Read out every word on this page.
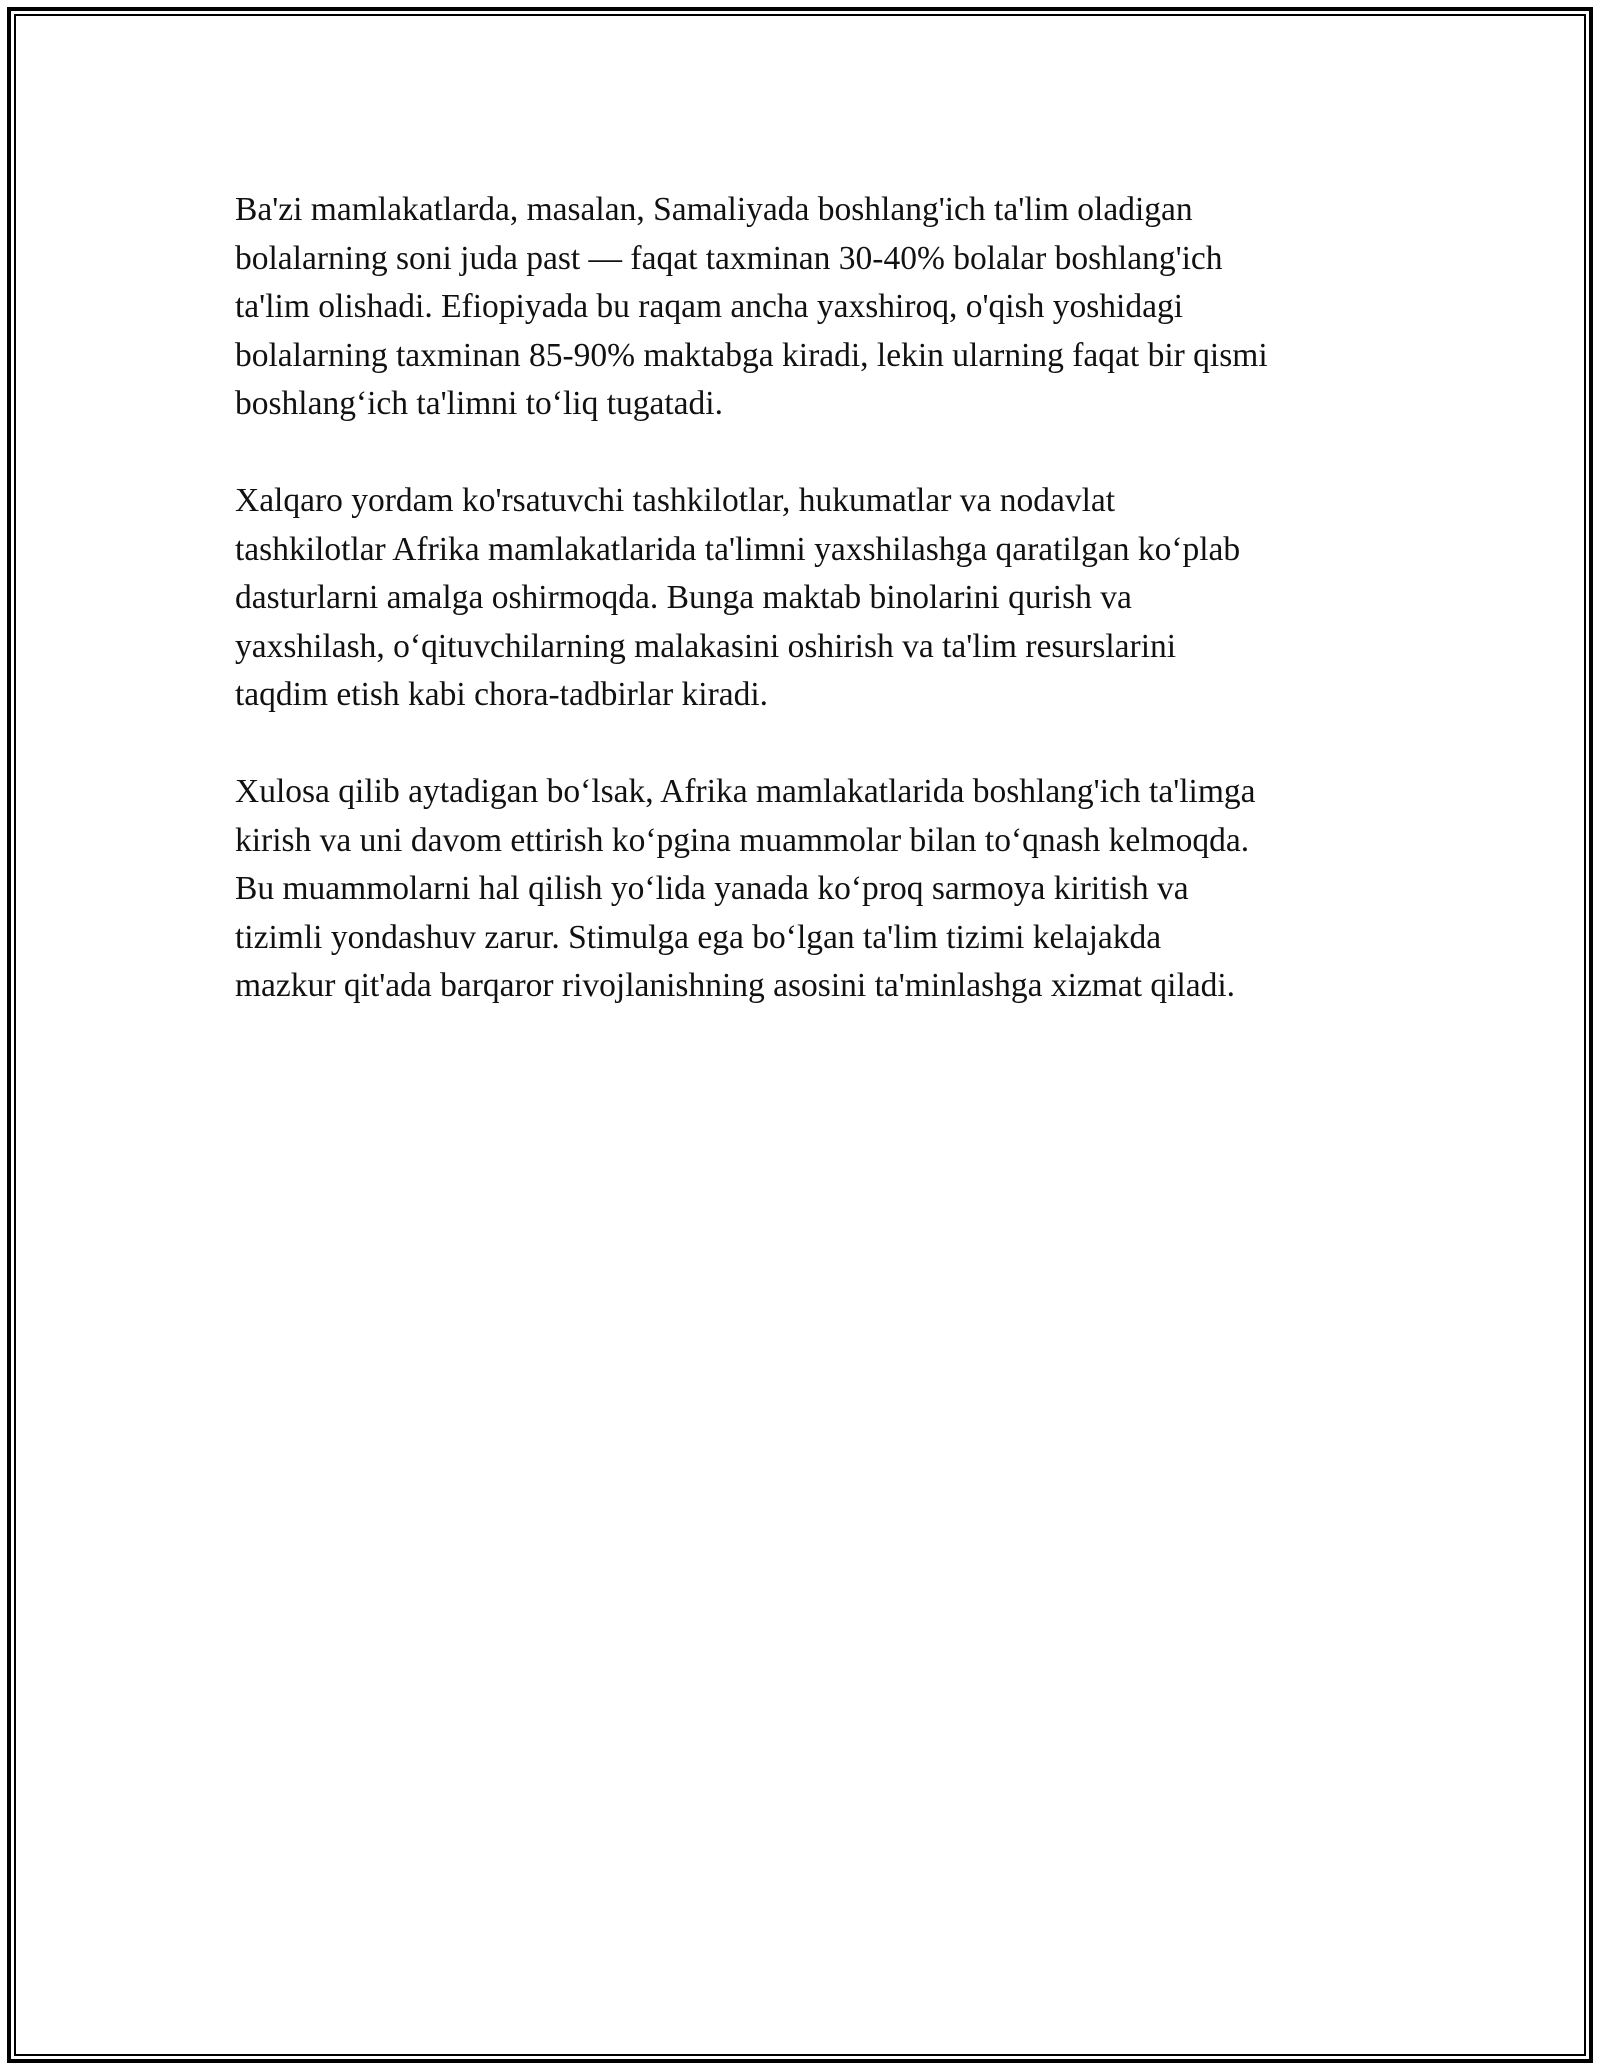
Ba'zi mamlakatlarda, masalan, Samaliyada boshlang'ich ta'lim oladigan
bolalarning soni juda past — faqat taxminan 30-40% bolalar boshlang'ich
ta'lim olishadi. Efiopiyada bu raqam ancha yaxshiroq, o'qish yoshidagi
bolalarning taxminan 85-90% maktabga kiradi, lekin ularning faqat bir qismi
boshlang‘ich ta'limni to‘liq tugatadi.

Xalqaro yordam ko'rsatuvchi tashkilotlar, hukumatlar va nodavlat
tashkilotlar Afrika mamlakatlarida ta'limni yaxshilashga qaratilgan ko‘plab
dasturlarni amalga oshirmoqda. Bunga maktab binolarini qurish va
yaxshilash, o‘qituvchilarning malakasini oshirish va ta'lim resurslarini
taqdim etish kabi chora-tadbirlar kiradi.

Xulosa qilib aytadigan bo‘lsak, Afrika mamlakatlarida boshlang'ich ta'limga
kirish va uni davom ettirish ko‘pgina muammolar bilan to‘qnash kelmoqda.
Bu muammolarni hal qilish yo‘lida yanada ko‘proq sarmoya kiritish va
tizimli yondashuv zarur. Stimulga ega bo‘lgan ta'lim tizimi kelajakda
mazkur qit'ada barqaror rivojlanishning asosini ta'minlashga xizmat qiladi.
